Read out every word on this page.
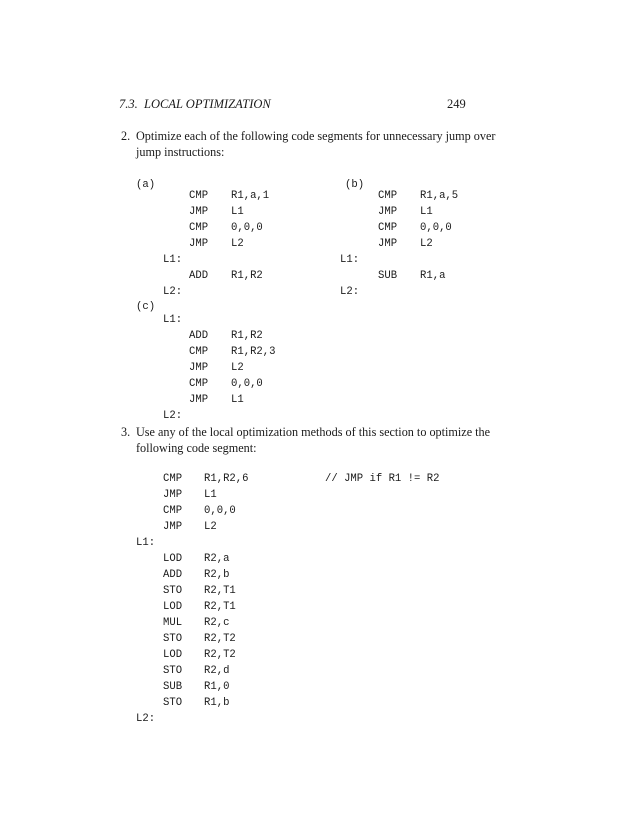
7.3.  LOCAL OPTIMIZATION	249
2. Optimize each of the following code segments for unnecessary jump over
jump instructions:
(a)	(b)
(c)
CMP R1,a,1
JMP L1
CMP 0,0,0
JMP L2
L1:
ADD R1,R2
L2:
CMP R1,a,5
JMP L1
CMP 0,0,0
JMP L2
L1:
SUB R1,a
L2:
L1:
ADD R1,R2
CMP R1,R2,3
JMP L2
CMP 0,0,0
JMP L1
L2:
3. Use any of the local optimization methods of this section to optimize the
following code segment:
CMP R1,R2,6	// JMP if R1 != R2
JMP L1
CMP 0,0,0
JMP L2
L1:
LOD R2,a
ADD R2,b
STO R2,T1
LOD R2,T1
MUL R2,c
STO R2,T2
LOD R2,T2
STO R2,d
SUB R1,0
STO R1,b
L2:
